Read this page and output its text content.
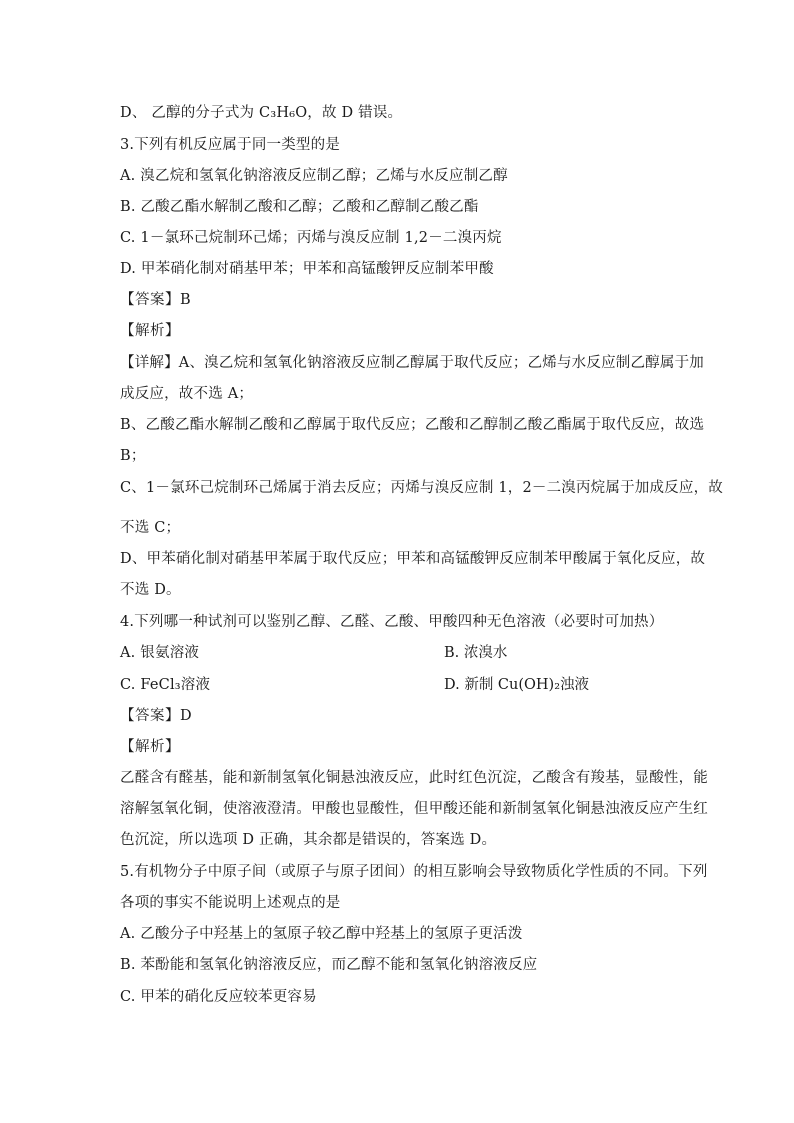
D、 乙醇的分子式为 C₃H₆O，故 D 错误。
3.下列有机反应属于同一类型的是
A. 溴乙烷和氢氧化钠溶液反应制乙醇；乙烯与水反应制乙醇
B. 乙酸乙酯水解制乙酸和乙醇；乙酸和乙醇制乙酸乙酯
C. 1－氯环己烷制环己烯；丙烯与溴反应制 1,2－二溴丙烷
D. 甲苯硝化制对硝基甲苯；甲苯和高锰酸钾反应制苯甲酸
【答案】B
【解析】
【详解】A、溴乙烷和氢氧化钠溶液反应制乙醇属于取代反应；乙烯与水反应制乙醇属于加
成反应，故不选 A；
B、乙酸乙酯水解制乙酸和乙醇属于取代反应；乙酸和乙醇制乙酸乙酯属于取代反应，故选
B；
C、1－氯环己烷制环己烯属于消去反应；丙烯与溴反应制 1，2－二溴丙烷属于加成反应，故
不选 C；
D、甲苯硝化制对硝基甲苯属于取代反应；甲苯和高锰酸钾反应制苯甲酸属于氧化反应，故
不选 D。
4.下列哪一种试剂可以鉴别乙醇、乙醛、乙酸、甲酸四种无色溶液（必要时可加热）
A. 银氨溶液	B. 浓溴水
C. FeCl₃溶液	D. 新制 Cu(OH)₂浊液
【答案】D
【解析】
乙醛含有醛基，能和新制氢氧化铜悬浊液反应，此时红色沉淀，乙酸含有羧基，显酸性，能
溶解氢氧化铜，使溶液澄清。甲酸也显酸性，但甲酸还能和新制氢氧化铜悬浊液反应产生红
色沉淀，所以选项 D 正确，其余都是错误的，答案选 D。
5.有机物分子中原子间（或原子与原子团间）的相互影响会导致物质化学性质的不同。下列
各项的事实不能说明上述观点的是
A. 乙酸分子中羟基上的氢原子较乙醇中羟基上的氢原子更活泼
B. 苯酚能和氢氧化钠溶液反应，而乙醇不能和氢氧化钠溶液反应
C. 甲苯的硝化反应较苯更容易
